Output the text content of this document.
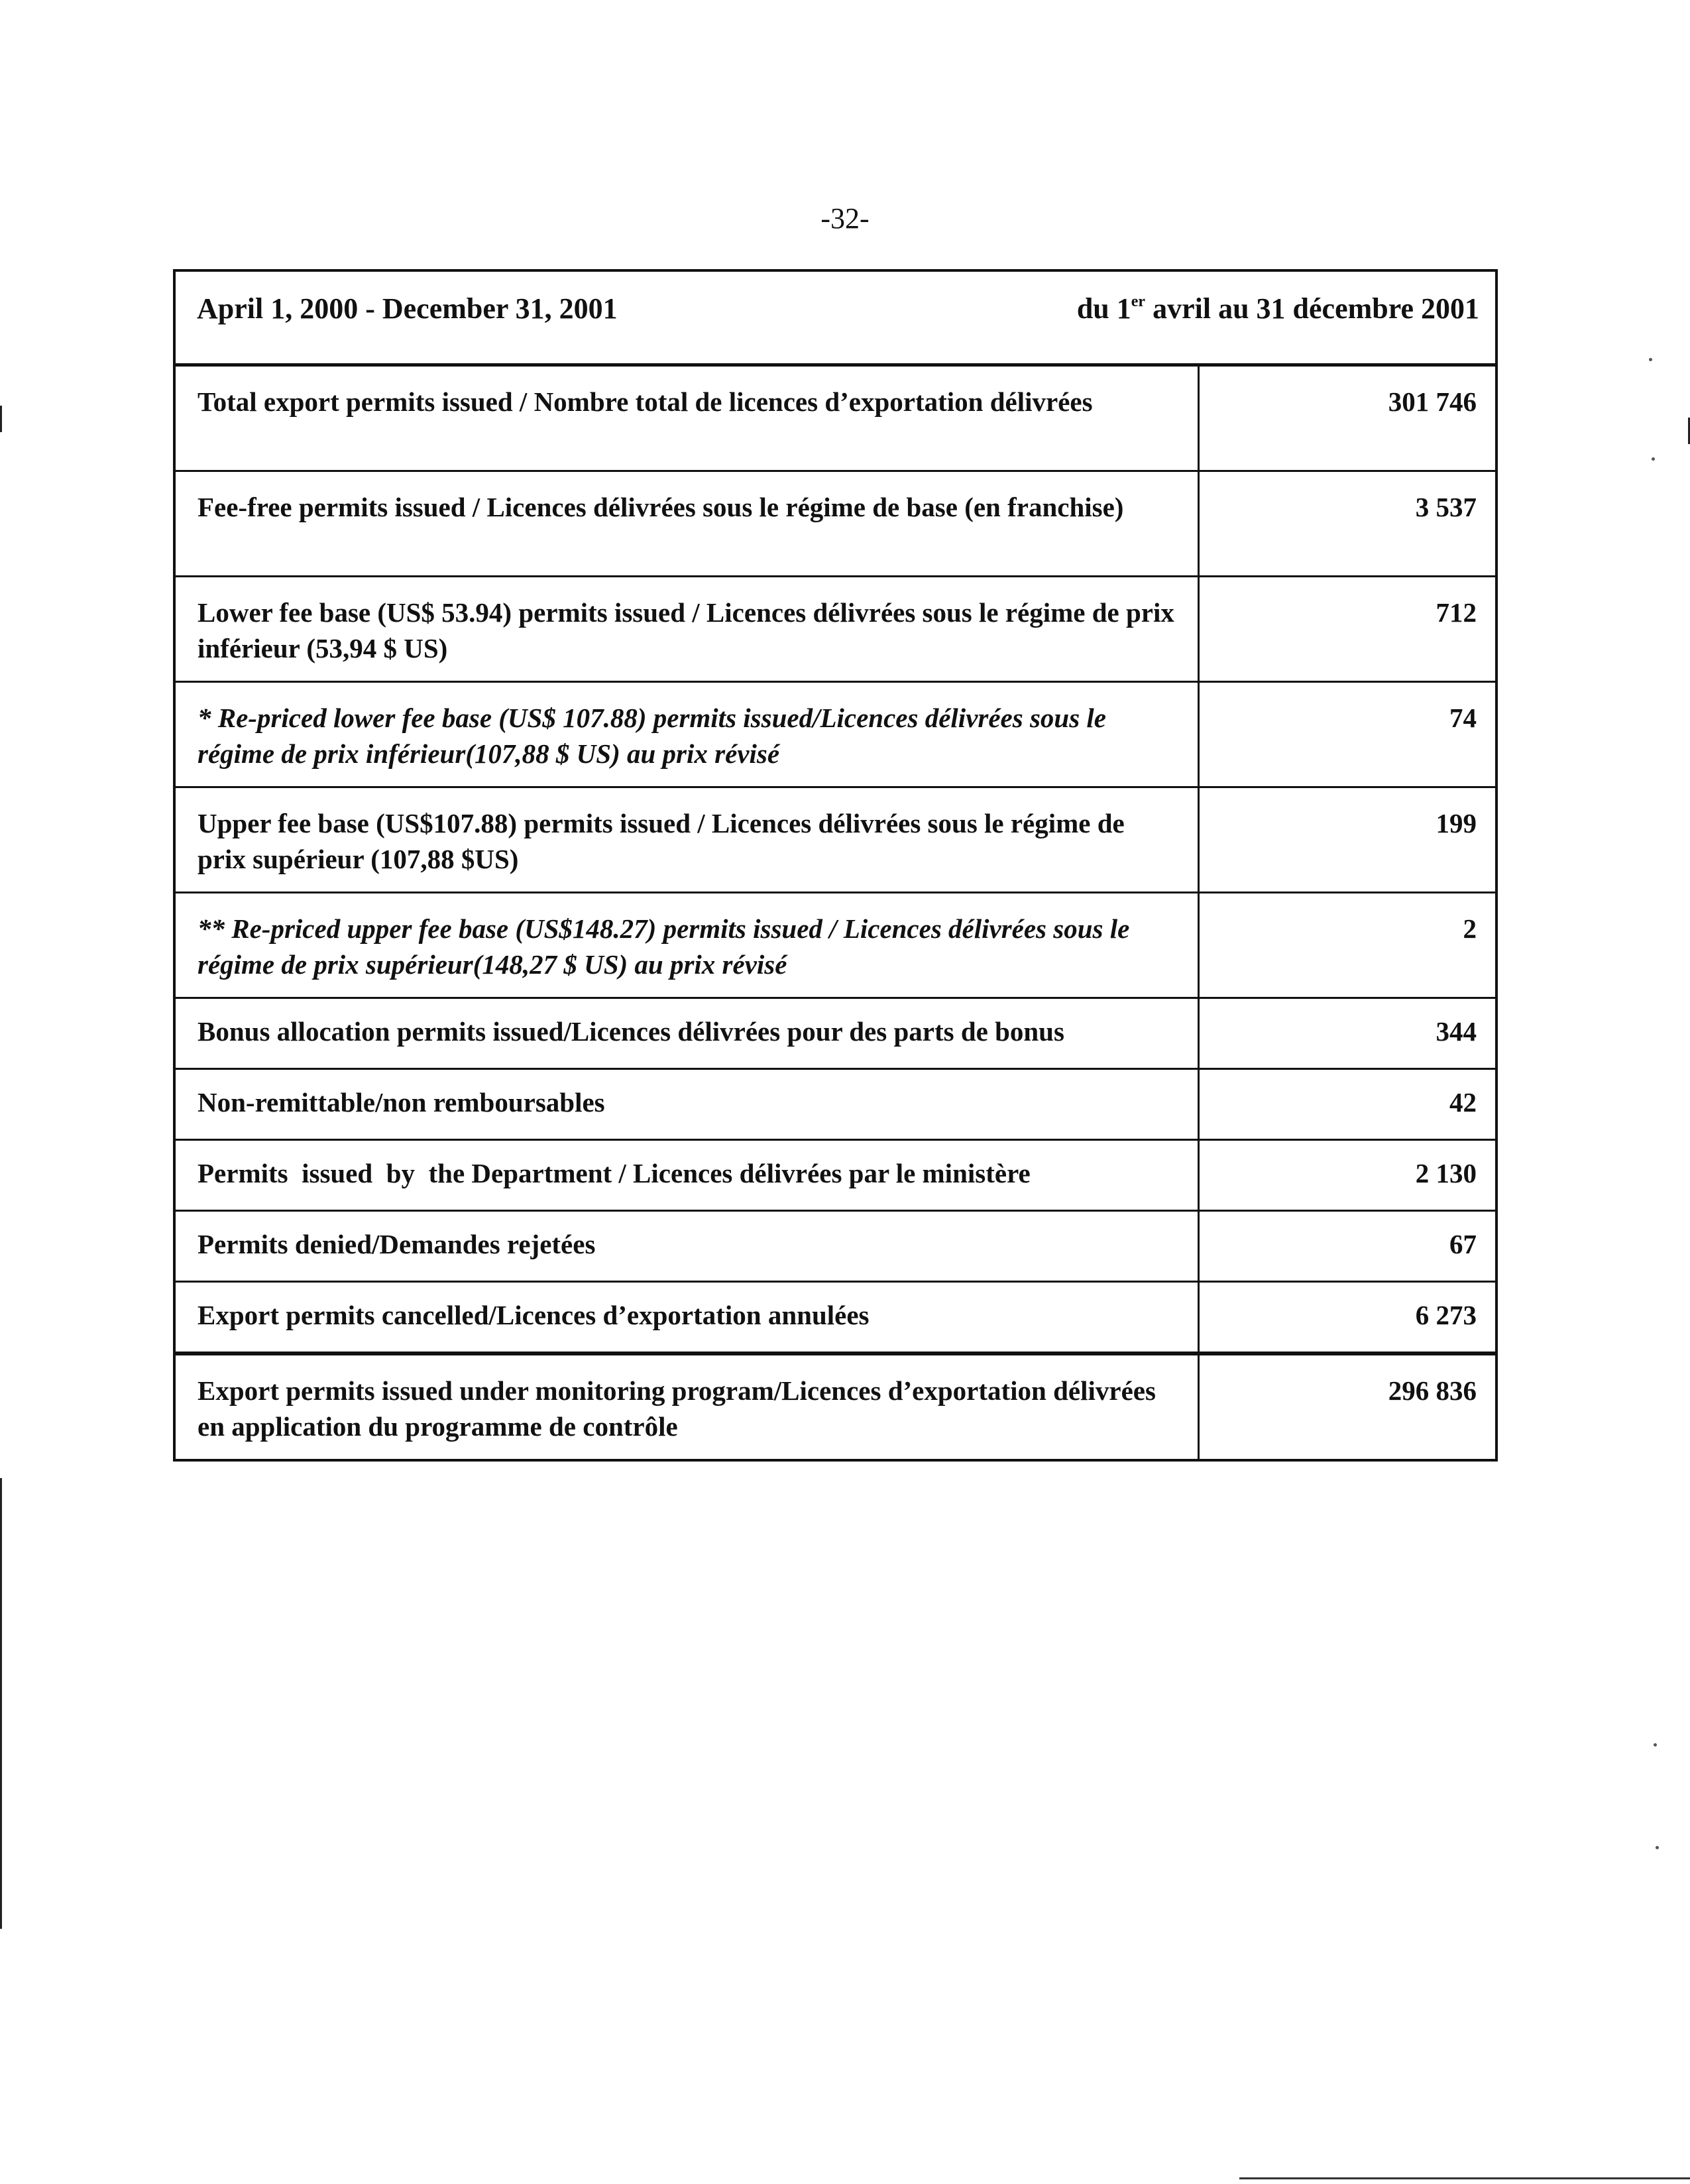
-32-
April 1, 2000 - December 31, 2001 du 1er avril au 31 décembre 2001	

Total export permits issued / Nombre total de licences d’exportation délivrées	301 746
Fee-free permits issued / Licences délivrées sous le régime de base (en franchise)	3 537
Lower fee base (US$ 53.94) permits issued / Licences délivrées sous le régime de prix inférieur (53,94 $ US)	712
* Re-priced lower fee base (US$ 107.88) permits issued/Licences délivrées sous le régime de prix inférieur(107,88 $ US) au prix révisé	74
Upper fee base (US$107.88) permits issued / Licences délivrées sous le régime de prix supérieur (107,88 $US)	199
** Re-priced upper fee base (US$148.27) permits issued / Licences délivrées sous le régime de prix supérieur(148,27 $ US) au prix révisé	2
Bonus allocation permits issued/Licences délivrées pour des parts de bonus	344
Non-remittable/non remboursables	42
Permits  issued  by  the Department / Licences délivrées par le ministère	2 130
Permits denied/Demandes rejetées	67
Export permits cancelled/Licences d’exportation annulées	6 273
Export permits issued under monitoring program/Licences d’exportation délivrées en application du programme de contrôle	296 836
